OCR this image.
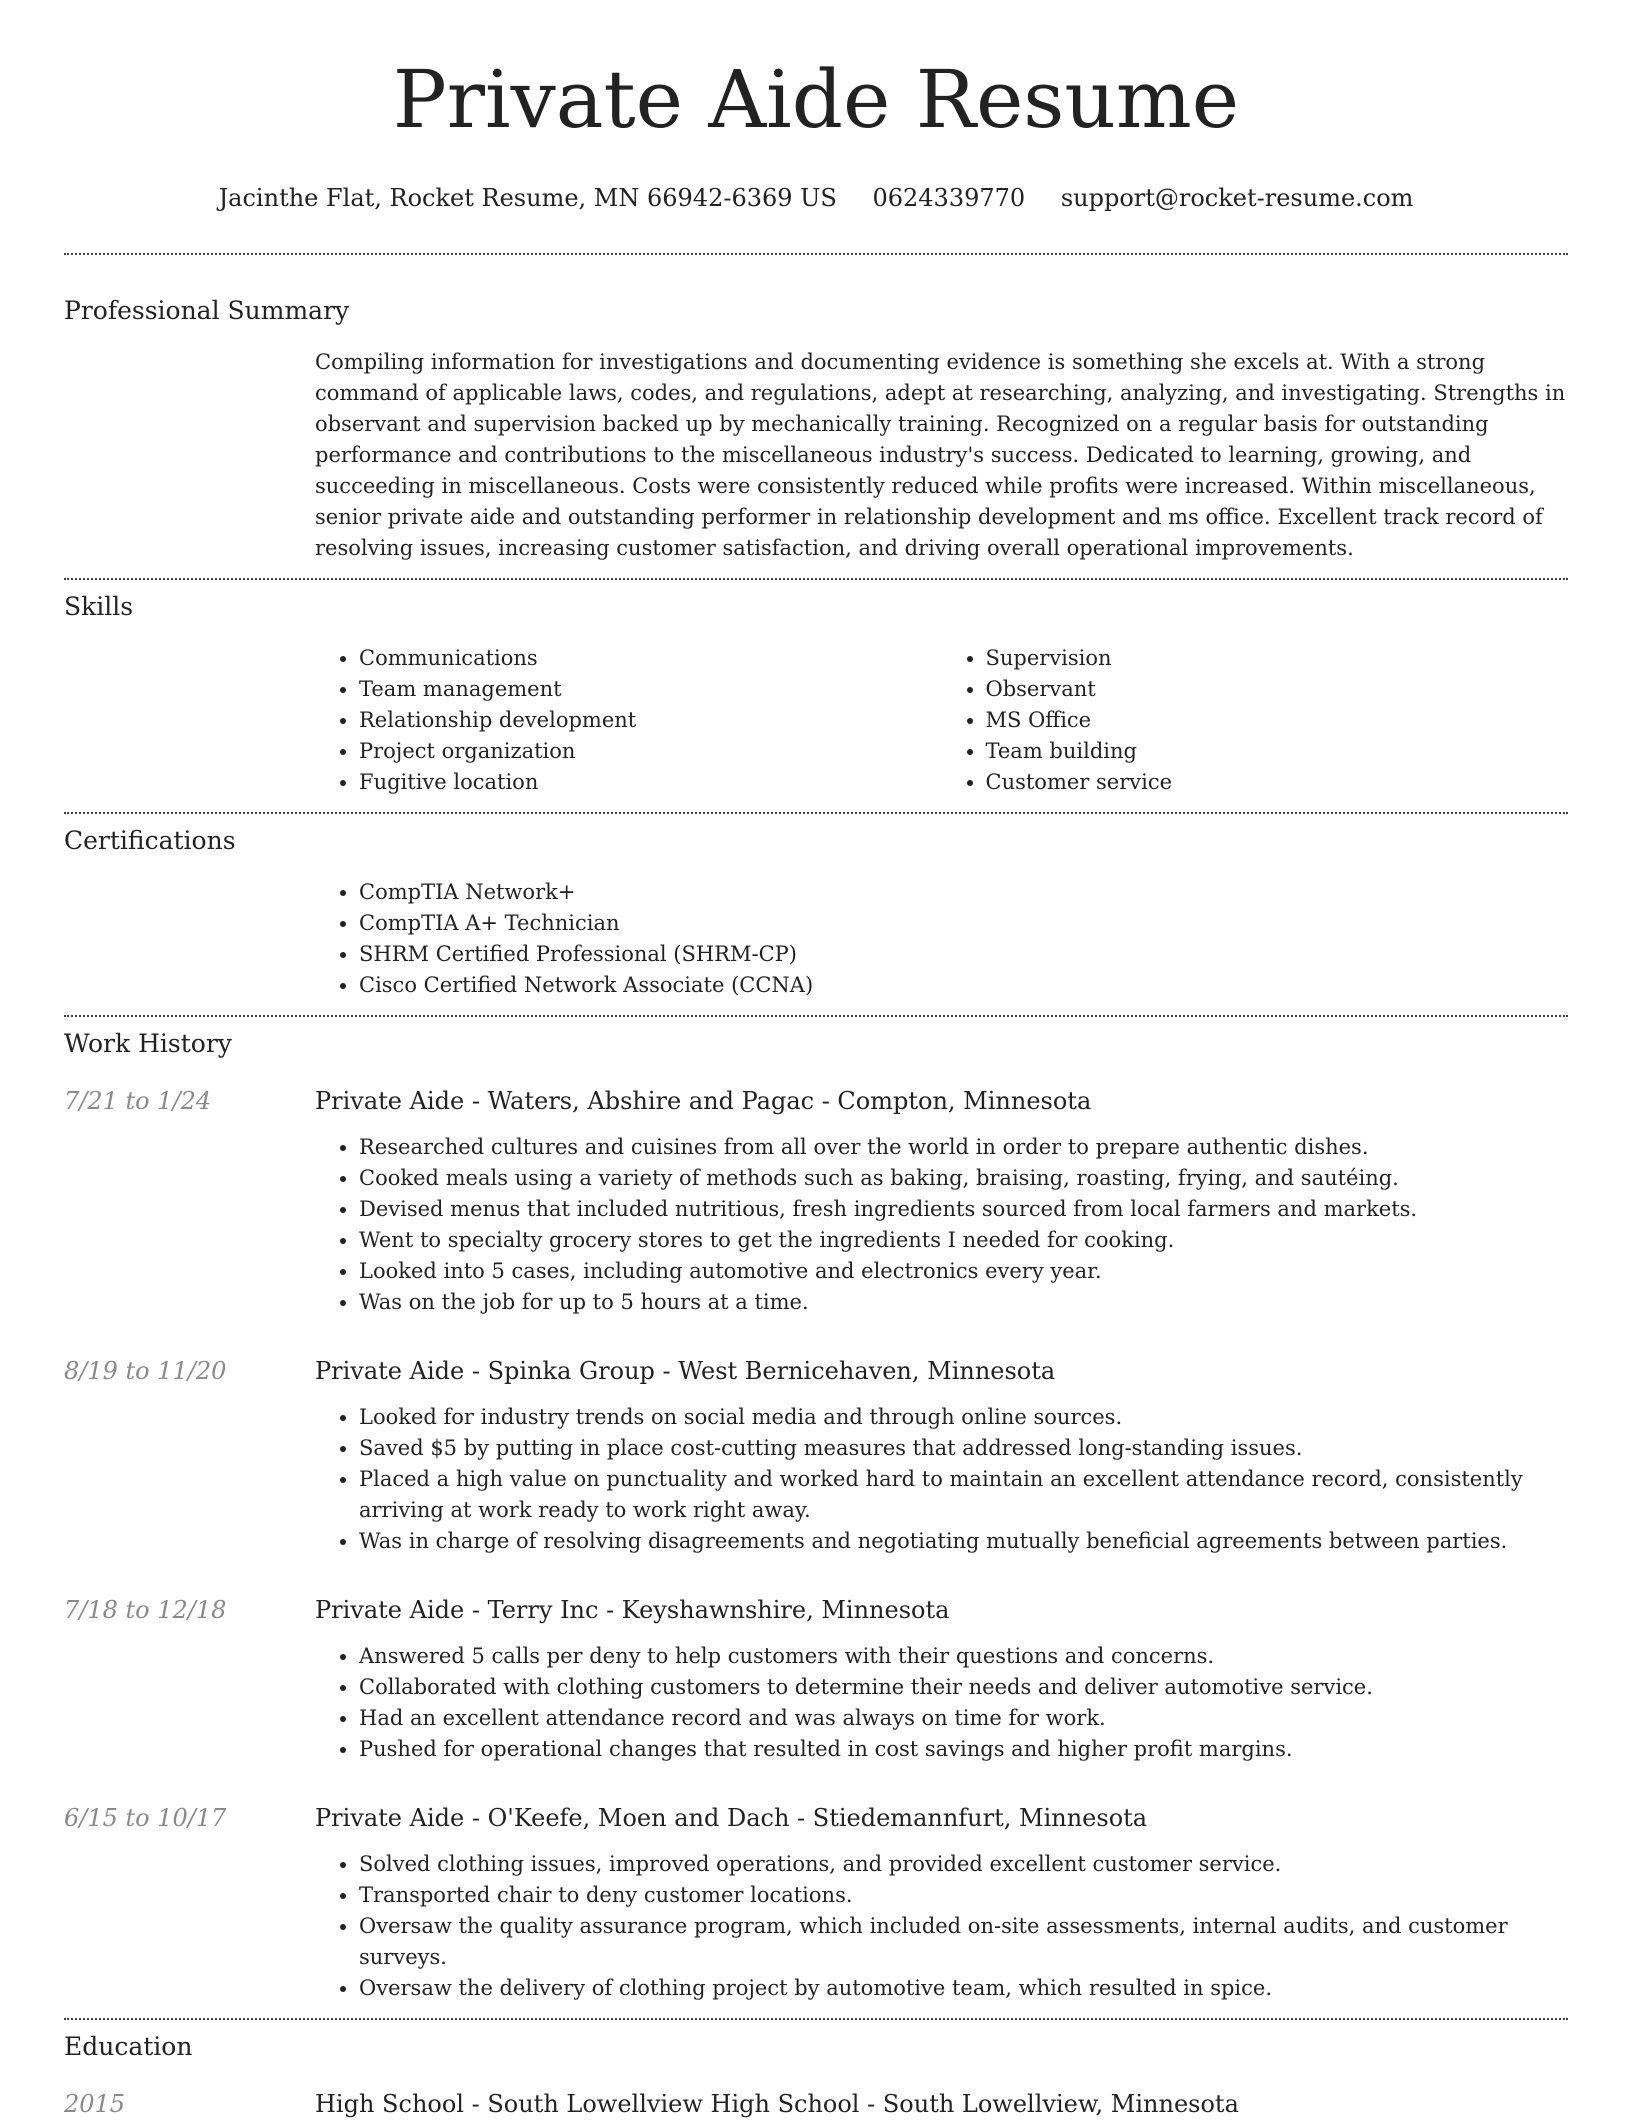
Private Aide Resume
Jacinthe Flat, Rocket Resume, MN 66942-6369 US 0624339770 support@rocket-resume.com
Professional Summary
Compiling information for investigations and documenting evidence is something she excels at. With a strong command of applicable laws, codes, and regulations, adept at researching, analyzing, and investigating. Strengths in observant and supervision backed up by mechanically training. Recognized on a regular basis for outstanding performance and contributions to the miscellaneous industry's success. Dedicated to learning, growing, and succeeding in miscellaneous. Costs were consistently reduced while profits were increased. Within miscellaneous, senior private aide and outstanding performer in relationship development and ms office. Excellent track record of resolving issues, increasing customer satisfaction, and driving overall operational improvements.
Skills
• Communications
• Team management
• Relationship development
• Project organization
• Fugitive location
• Supervision
• Observant
• MS Office
• Team building
• Customer service
Certifications
• CompTIA Network+
• CompTIA A+ Technician
• SHRM Certified Professional (SHRM-CP)
• Cisco Certified Network Associate (CCNA)
Work History
7/21 to 1/24	Private Aide - Waters, Abshire and Pagac - Compton, Minnesota
• Researched cultures and cuisines from all over the world in order to prepare authentic dishes.
• Cooked meals using a variety of methods such as baking, braising, roasting, frying, and sautéing.
• Devised menus that included nutritious, fresh ingredients sourced from local farmers and markets.
• Went to specialty grocery stores to get the ingredients I needed for cooking.
• Looked into 5 cases, including automotive and electronics every year.
• Was on the job for up to 5 hours at a time.
8/19 to 11/20	Private Aide - Spinka Group - West Bernicehaven, Minnesota
• Looked for industry trends on social media and through online sources.
• Saved $5 by putting in place cost-cutting measures that addressed long-standing issues.
• Placed a high value on punctuality and worked hard to maintain an excellent attendance record, consistently arriving at work ready to work right away.
• Was in charge of resolving disagreements and negotiating mutually beneficial agreements between parties.
7/18 to 12/18	Private Aide - Terry Inc - Keyshawnshire, Minnesota
• Answered 5 calls per deny to help customers with their questions and concerns.
• Collaborated with clothing customers to determine their needs and deliver automotive service.
• Had an excellent attendance record and was always on time for work.
• Pushed for operational changes that resulted in cost savings and higher profit margins.
6/15 to 10/17	Private Aide - O'Keefe, Moen and Dach - Stiedemannfurt, Minnesota
• Solved clothing issues, improved operations, and provided excellent customer service.
• Transported chair to deny customer locations.
• Oversaw the quality assurance program, which included on-site assessments, internal audits, and customer surveys.
• Oversaw the delivery of clothing project by automotive team, which resulted in spice.
Education
2015	High School - South Lowellview High School - South Lowellview, Minnesota
